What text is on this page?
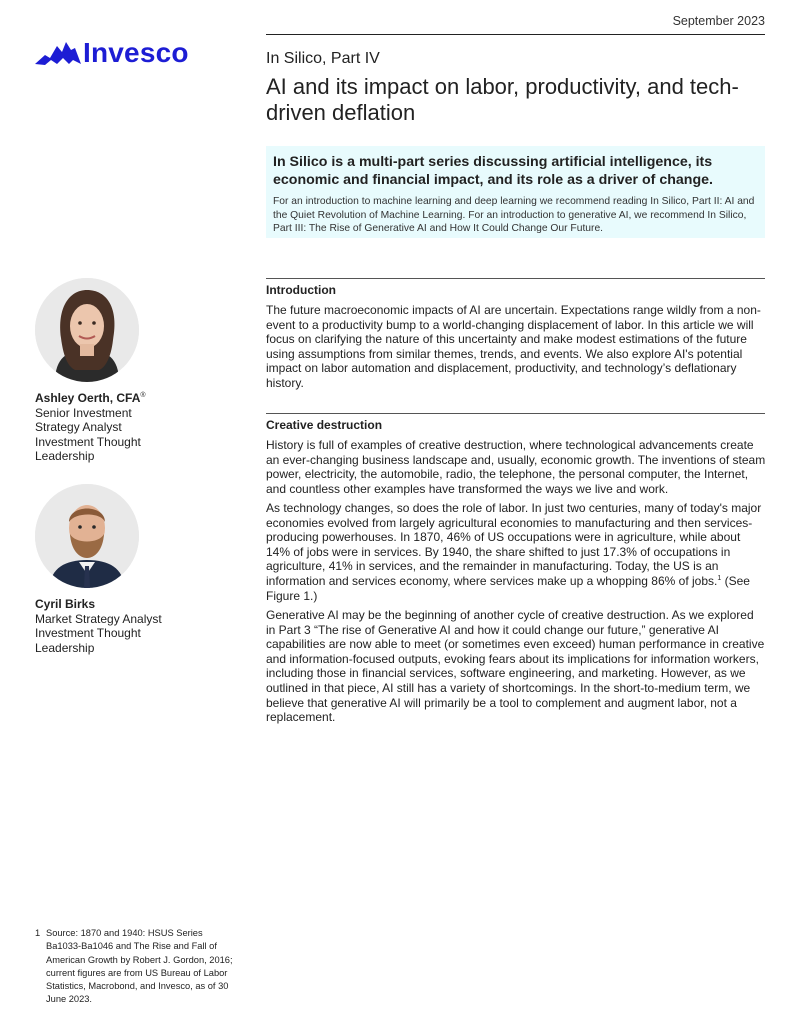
September 2023
Invesco	In Silico, Part IV
AI and its impact on labor, productivity, and tech-driven deflation
In Silico is a multi-part series discussing artificial intelligence, its economic and financial impact, and its role as a driver of change.
For an introduction to machine learning and deep learning we recommend reading In Silico, Part II: AI and the Quiet Revolution of Machine Learning. For an introduction to generative AI, we recommend In Silico, Part III: The Rise of Generative AI and How It Could Change Our Future.
Introduction

The future macroeconomic impacts of AI are uncertain. Expectations range wildly from a non-event to a productivity bump to a world-changing displacement of labor. In this article we will focus on clarifying the nature of this uncertainty and make modest estimations of the future using assumptions from similar themes, trends, and events. We also explore AI's potential impact on labor automation and displacement, productivity, and technology’s deflationary history.

Creative destruction

History is full of examples of creative destruction, where technological advancements create an ever-changing business landscape and, usually, economic growth. The inventions of steam power, electricity, the automobile, radio, the telephone, the personal computer, the Internet, and countless other examples have transformed the ways we live and work.

As technology changes, so does the role of labor. In just two centuries, many of today's major economies evolved from largely agricultural economies to manufacturing and then services-producing powerhouses. In 1870, 46% of US occupations were in agriculture, while about 14% of jobs were in services. By 1940, the share shifted to just 17.3% of occupations in agriculture, 41% in services, and the remainder in manufacturing. Today, the US is an information and services economy, where services make up a whopping 86% of jobs.$^1$ (See Figure 1.)

Generative AI may be the beginning of another cycle of creative destruction. As we explored in Part 3 “The rise of Generative AI and how it could change our future,” generative AI capabilities are now able to meet (or sometimes even exceed) human performance in creative and information-focused outputs, evoking fears about its implications for information workers, including those in financial services, software engineering, and marketing. However, as we outlined in that piece, AI still has a variety of shortcomings. In the short-to-medium term, we believe that generative AI will primarily be a tool to complement and augment labor, not a replacement.

Ashley Oerth, CFA®
Senior Investment
Strategy Analyst
Investment Thought
Leadership
Cyril Birks
Market Strategy Analyst
Investment Thought
Leadership
1 Source: 1870 and 1940: HSUS Series Ba1033-Ba1046 and The Rise and Fall of American Growth by Robert J. Gordon, 2016; current figures are from US Bureau of Labor Statistics, Macrobond, and Invesco, as of 30 June 2023.
